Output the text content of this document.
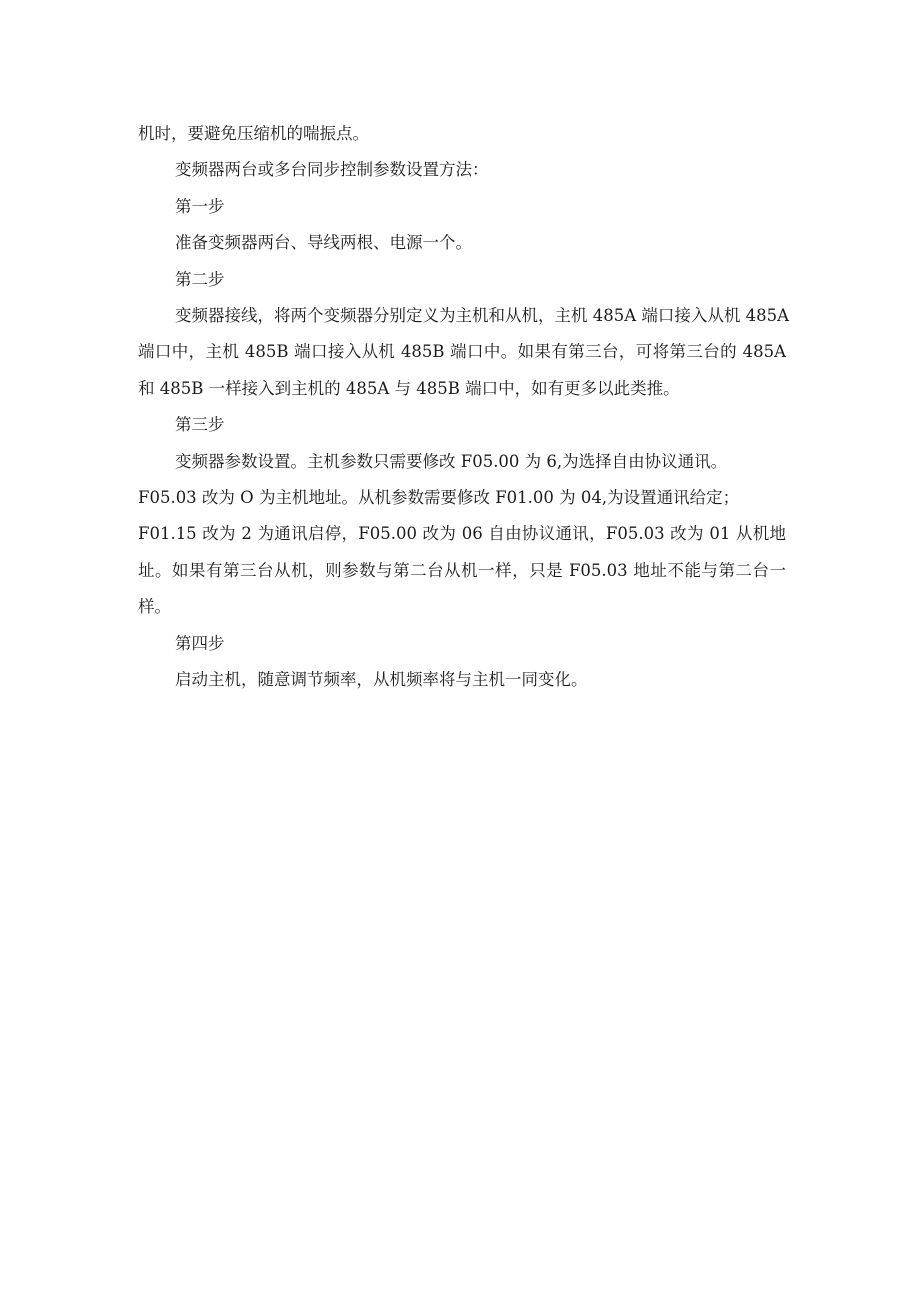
机时，要避免压缩机的喘振点。
变频器两台或多台同步控制参数设置方法：
第一步
准备变频器两台、导线两根、电源一个。
第二步
变频器接线，将两个变频器分别定义为主机和从机，主机 485A 端口接入从机 485A
端口中，主机 485B 端口接入从机 485B 端口中。如果有第三台，可将第三台的 485A
和 485B 一样接入到主机的 485A 与 485B 端口中，如有更多以此类推。
第三步
变频器参数设置。主机参数只需要修改 F05.00 为 6,为选择自由协议通讯。
F05.03 改为 O 为主机地址。从机参数需要修改 F01.00 为 04,为设置通讯给定；
F01.15 改为 2 为通讯启停，F05.00 改为 06 自由协议通讯，F05.03 改为 01 从机地
址。如果有第三台从机，则参数与第二台从机一样，只是 F05.03 地址不能与第二台一
样。
第四步
启动主机，随意调节频率，从机频率将与主机一同变化。
